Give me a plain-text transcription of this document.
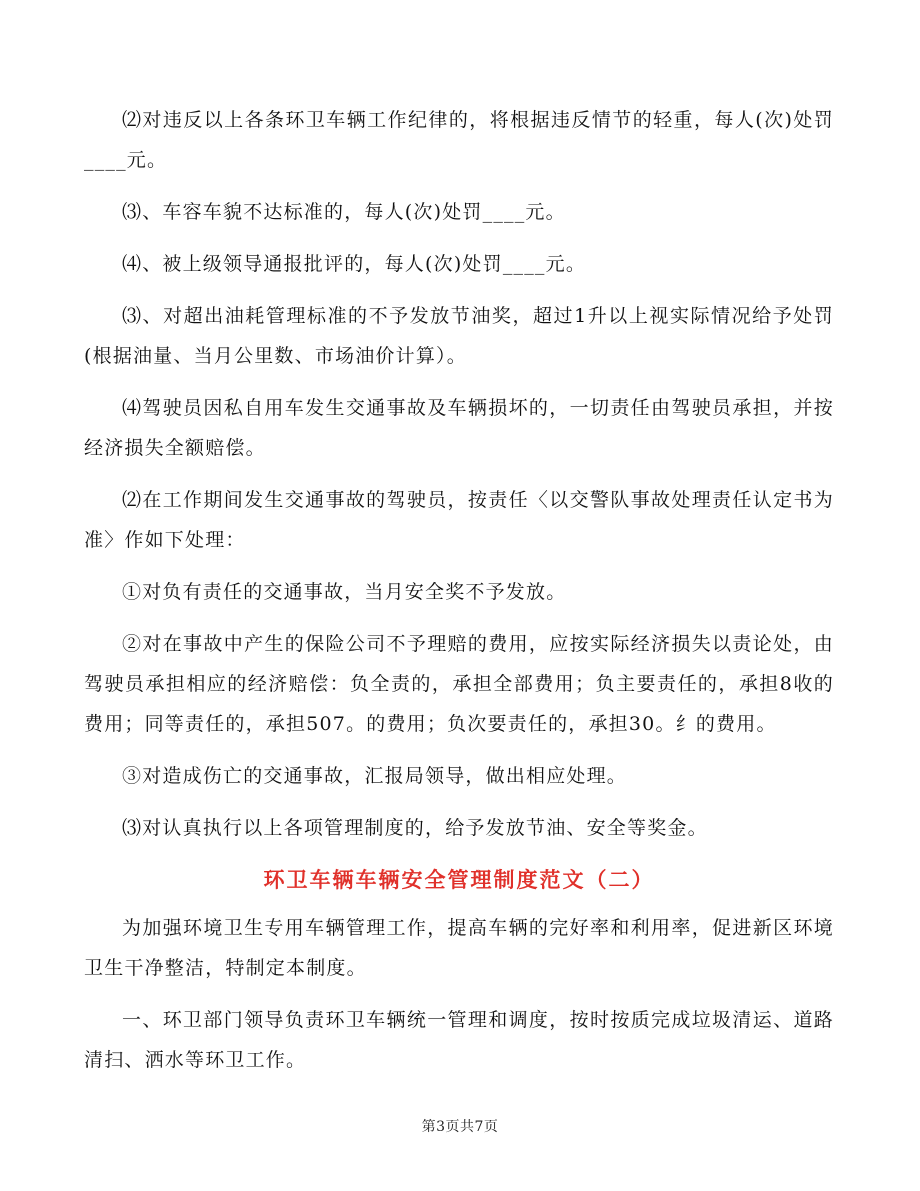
⑵对违反以上各条环卫车辆工作纪律的，将根据违反情节的轻重，每人(次)处罚____元。

⑶、车容车貌不达标准的，每人(次)处罚____元。

⑷、被上级领导通报批评的，每人(次)处罚____元。

⑶、对超出油耗管理标准的不予发放节油奖，超过1升以上视实际情况给予处罚(根据油量、当月公里数、市场油价计算）。

⑷驾驶员因私自用车发生交通事故及车辆损坏的，一切责任由驾驶员承担，并按经济损失全额赔偿。

⑵在工作期间发生交通事故的驾驶员，按责任〈以交警队事故处理责任认定书为准〉作如下处理：

①对负有责任的交通事故，当月安全奖不予发放。

②对在事故中产生的保险公司不予理赔的费用，应按实际经济损失以责论处，由驾驶员承担相应的经济赔偿：负全责的，承担全部费用；负主要责任的，承担8收的费用；同等责任的，承担507。的费用；负次要责任的，承担30。纟的费用。

③对造成伤亡的交通事故，汇报局领导，做出相应处理。

⑶对认真执行以上各项管理制度的，给予发放节油、安全等奖金。

环卫车辆车辆安全管理制度范文（二）

为加强环境卫生专用车辆管理工作，提高车辆的完好率和利用率，促进新区环境卫生干净整洁，特制定本制度。

一、环卫部门领导负责环卫车辆统一管理和调度，按时按质完成垃圾清运、道路清扫、洒水等环卫工作。

第3页共7页
